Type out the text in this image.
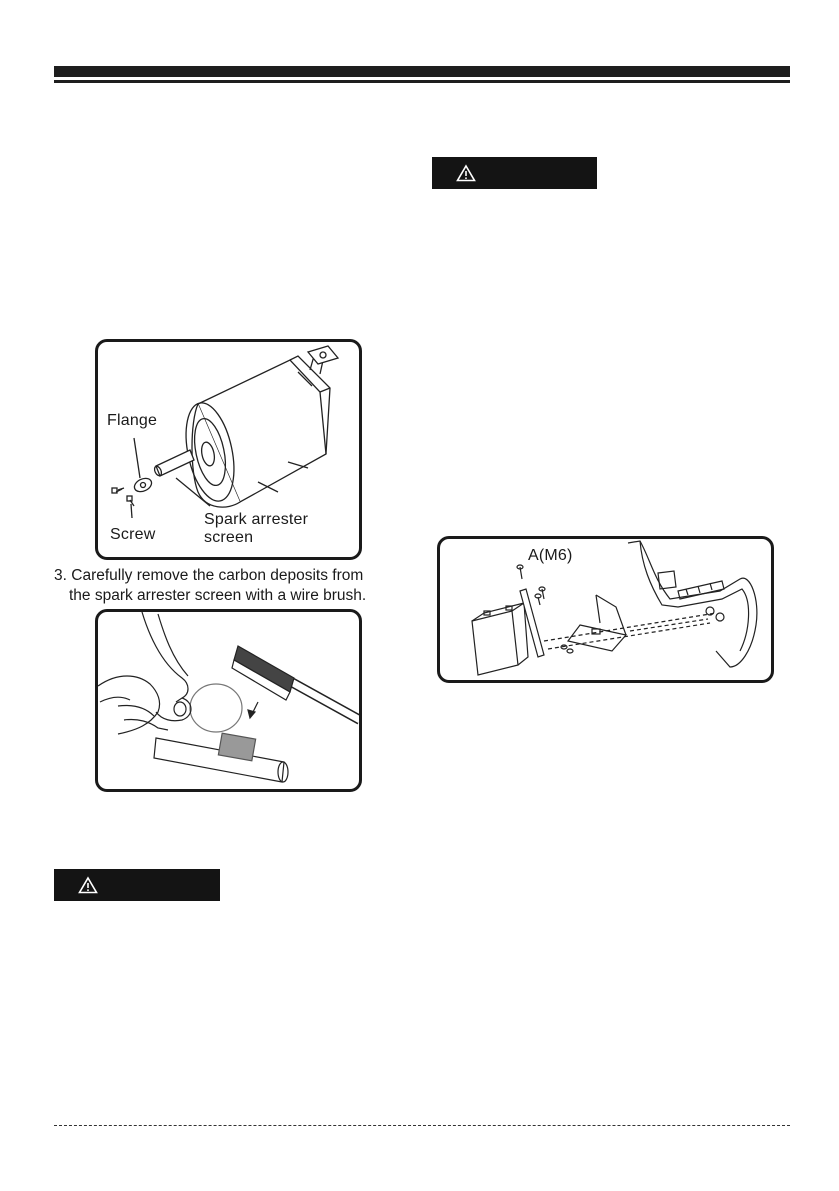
Flange
Screw
Spark arrester
screen
3. Carefully remove the carbon deposits from
the spark arrester screen with a wire brush.
A(M6)
